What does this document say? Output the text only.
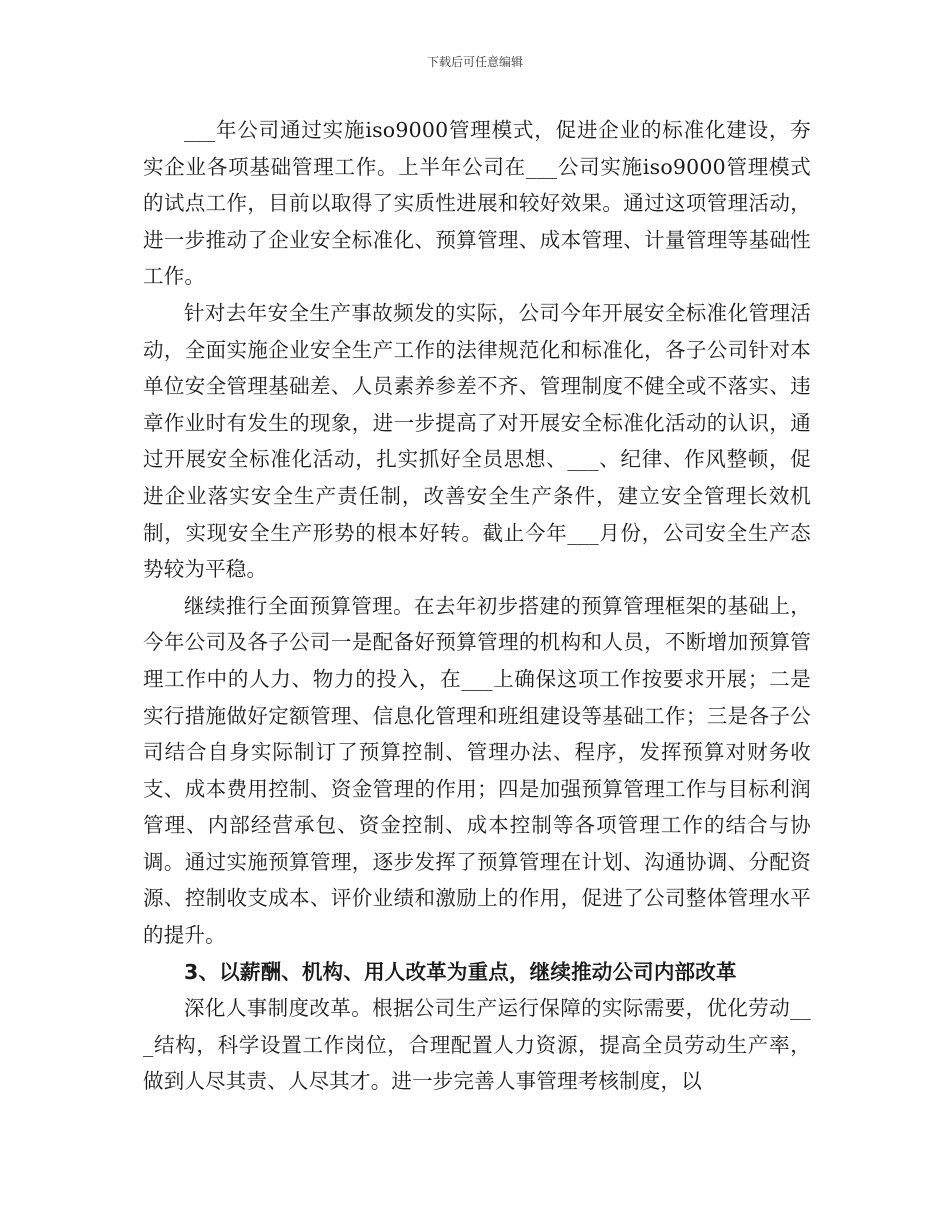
下载后可任意编辑

___年公司通过实施iso9000管理模式，促进企业的标准化建设，夯实企业各项基础管理工作。上半年公司在___公司实施iso9000管理模式的试点工作，目前以取得了实质性进展和较好效果。通过这项管理活动，进一步推动了企业安全标准化、预算管理、成本管理、计量管理等基础性工作。

针对去年安全生产事故频发的实际，公司今年开展安全标准化管理活动，全面实施企业安全生产工作的法律规范化和标准化，各子公司针对本单位安全管理基础差、人员素养参差不齐、管理制度不健全或不落实、违章作业时有发生的现象，进一步提高了对开展安全标准化活动的认识，通过开展安全标准化活动，扎实抓好全员思想、___、纪律、作风整顿，促进企业落实安全生产责任制，改善安全生产条件，建立安全管理长效机制，实现安全生产形势的根本好转。截止今年___月份，公司安全生产态势较为平稳。

继续推行全面预算管理。在去年初步搭建的预算管理框架的基础上，今年公司及各子公司一是配备好预算管理的机构和人员，不断增加预算管理工作中的人力、物力的投入，在___上确保这项工作按要求开展；二是实行措施做好定额管理、信息化管理和班组建设等基础工作；三是各子公司结合自身实际制订了预算控制、管理办法、程序，发挥预算对财务收支、成本费用控制、资金管理的作用；四是加强预算管理工作与目标利润管理、内部经营承包、资金控制、成本控制等各项管理工作的结合与协调。通过实施预算管理，逐步发挥了预算管理在计划、沟通协调、分配资源、控制收支成本、评价业绩和激励上的作用，促进了公司整体管理水平的提升。

3、以薪酬、机构、用人改革为重点，继续推动公司内部改革

深化人事制度改革。根据公司生产运行保障的实际需要，优化劳动___结构，科学设置工作岗位，合理配置人力资源，提高全员劳动生产率，做到人尽其责、人尽其才。进一步完善人事管理考核制度，以
